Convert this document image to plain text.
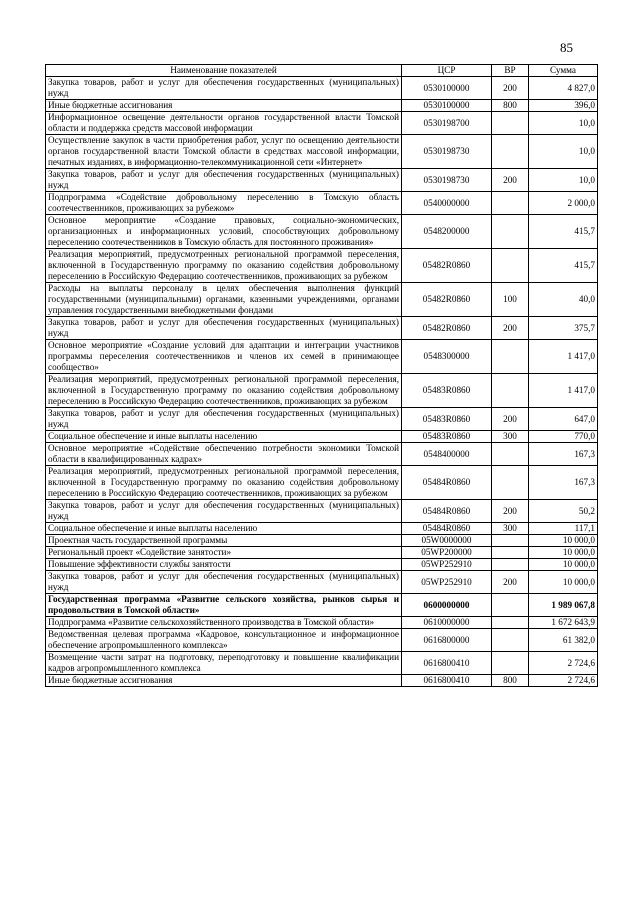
85
Наименование показателей	ЦСР	ВР	Сумма
Закупка товаров, работ и услуг для обеспечения государственных (муниципальных) нужд	0530100000	200	4 827,0
Иные бюджетные ассигнования	0530100000	800	396,0
Информационное освещение деятельности органов государственной власти Томской области и поддержка средств массовой информации	0530198700		10,0
Осуществление закупок в части приобретения работ, услуг по освещению деятельности органов государственной власти Томской области в средствах массовой информации, печатных изданиях, в информационно-телекоммуникационной сети «Интернет»	0530198730		10,0
Закупка товаров, работ и услуг для обеспечения государственных (муниципальных) нужд	0530198730	200	10,0
Подпрограмма «Содействие добровольному переселению в Томскую область соотечественников, проживающих за рубежом»	0540000000		2 000,0
Основное мероприятие «Создание правовых, социально-экономических, организационных и информационных условий, способствующих добровольному переселению соотечественников в Томскую область для постоянного проживания»	0548200000		415,7
Реализация мероприятий, предусмотренных региональной программой переселения, включенной в Государственную программу по оказанию содействия добровольному переселению в Российскую Федерацию соотечественников, проживающих за рубежом	05482R0860		415,7
Расходы на выплаты персоналу в целях обеспечения выполнения функций государственными (муниципальными) органами, казенными учреждениями, органами управления государственными внебюджетными фондами	05482R0860	100	40,0
Закупка товаров, работ и услуг для обеспечения государственных (муниципальных) нужд	05482R0860	200	375,7
Основное мероприятие «Создание условий для адаптации и интеграции участников программы переселения соотечественников и членов их семей в принимающее сообщество»	0548300000		1 417,0
Реализация мероприятий, предусмотренных региональной программой переселения, включенной в Государственную программу по оказанию содействия добровольному переселению в Российскую Федерацию соотечественников, проживающих за рубежом	05483R0860		1 417,0
Закупка товаров, работ и услуг для обеспечения государственных (муниципальных) нужд	05483R0860	200	647,0
Социальное обеспечение и иные выплаты населению	05483R0860	300	770,0
Основное мероприятие «Содействие обеспечению потребности экономики Томской области в квалифицированных кадрах»	0548400000		167,3
Реализация мероприятий, предусмотренных региональной программой переселения, включенной в Государственную программу по оказанию содействия добровольному переселению в Российскую Федерацию соотечественников, проживающих за рубежом	05484R0860		167,3
Закупка товаров, работ и услуг для обеспечения государственных (муниципальных) нужд	05484R0860	200	50,2
Социальное обеспечение и иные выплаты населению	05484R0860	300	117,1
Проектная часть государственной программы	05W0000000		10 000,0
Региональный проект «Содействие занятости»	05WP200000		10 000,0
Повышение эффективности службы занятости	05WP252910		10 000,0
Закупка товаров, работ и услуг для обеспечения государственных (муниципальных) нужд	05WP252910	200	10 000,0
Государственная программа «Развитие сельского хозяйства, рынков сырья и продовольствия в Томской области»	0600000000		1 989 067,8
Подпрограмма «Развитие сельскохозяйственного производства в Томской области»	0610000000		1 672 643,9
Ведомственная целевая программа «Кадровое, консультационное и информационное обеспечение агропромышленного комплекса»	0616800000		61 382,0
Возмещение части затрат на подготовку, переподготовку и повышение квалификации кадров агропромышленного комплекса	0616800410		2 724,6
Иные бюджетные ассигнования	0616800410	800	2 724,6
